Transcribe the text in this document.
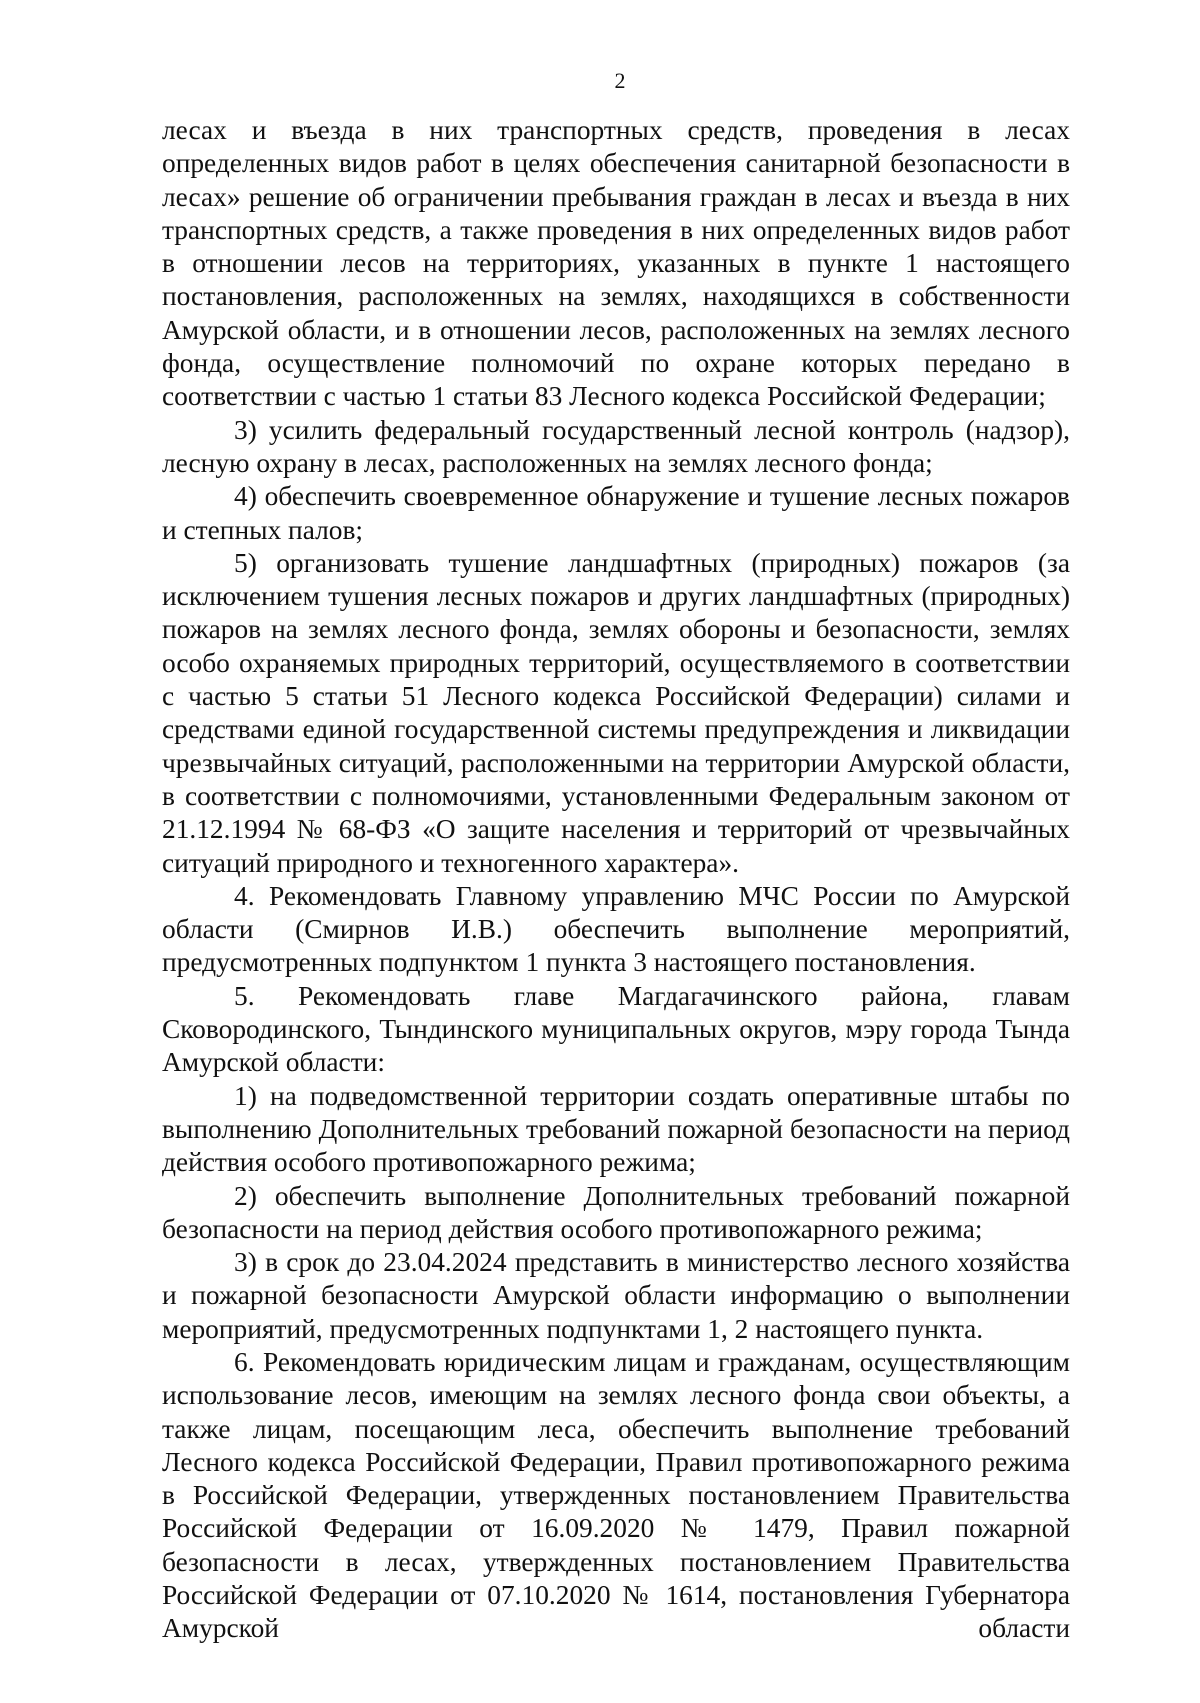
2

лесах и въезда в них транспортных средств, проведения в лесах определенных видов работ в целях обеспечения санитарной безопасности в лесах» решение об ограничении пребывания граждан в лесах и въезда в них транспортных средств, а также проведения в них определенных видов работ в отношении лесов на территориях, указанных в пункте 1 настоящего постановления, расположенных на землях, находящихся в собственности Амурской области, и в отношении лесов, расположенных на землях лесного фонда, осуществление полномочий по охране которых передано в соответствии с частью 1 статьи 83 Лесного кодекса Российской Федерации;

3) усилить федеральный государственный лесной контроль (надзор), лесную охрану в лесах, расположенных на землях лесного фонда;

4) обеспечить своевременное обнаружение и тушение лесных пожаров и степных палов;

5) организовать тушение ландшафтных (природных) пожаров (за исключением тушения лесных пожаров и других ландшафтных (природных) пожаров на землях лесного фонда, землях обороны и безопасности, землях особо охраняемых природных территорий, осуществляемого в соответствии с частью 5 статьи 51 Лесного кодекса Российской Федерации) силами и средствами единой государственной системы предупреждения и ликвидации чрезвычайных ситуаций, расположенными на территории Амурской области, в соответствии с полномочиями, установленными Федеральным законом от 21.12.1994 № 68-ФЗ «О защите населения и территорий от чрезвычайных ситуаций природного и техногенного характера».

4. Рекомендовать Главному управлению МЧС России по Амурской области (Смирнов И.В.) обеспечить выполнение мероприятий, предусмотренных подпунктом 1 пункта 3 настоящего постановления.

5. Рекомендовать главе Магдагачинского района, главам Сковородинского, Тындинского муниципальных округов, мэру города Тында Амурской области:

1) на подведомственной территории создать оперативные штабы по выполнению Дополнительных требований пожарной безопасности на период действия особого противопожарного режима;

2) обеспечить выполнение Дополнительных требований пожарной безопасности на период действия особого противопожарного режима;

3) в срок до 23.04.2024 представить в министерство лесного хозяйства и пожарной безопасности Амурской области информацию о выполнении мероприятий, предусмотренных подпунктами 1, 2 настоящего пункта.

6. Рекомендовать юридическим лицам и гражданам, осуществляющим использование лесов, имеющим на землях лесного фонда свои объекты, а также лицам, посещающим леса, обеспечить выполнение требований Лесного кодекса Российской Федерации, Правил противопожарного режима в Российской Федерации, утвержденных постановлением Правительства Российской Федерации от 16.09.2020 № 1479, Правил пожарной безопасности в лесах, утвержденных постановлением Правительства Российской Федерации от 07.10.2020 № 1614, постановления Губернатора Амурской области
